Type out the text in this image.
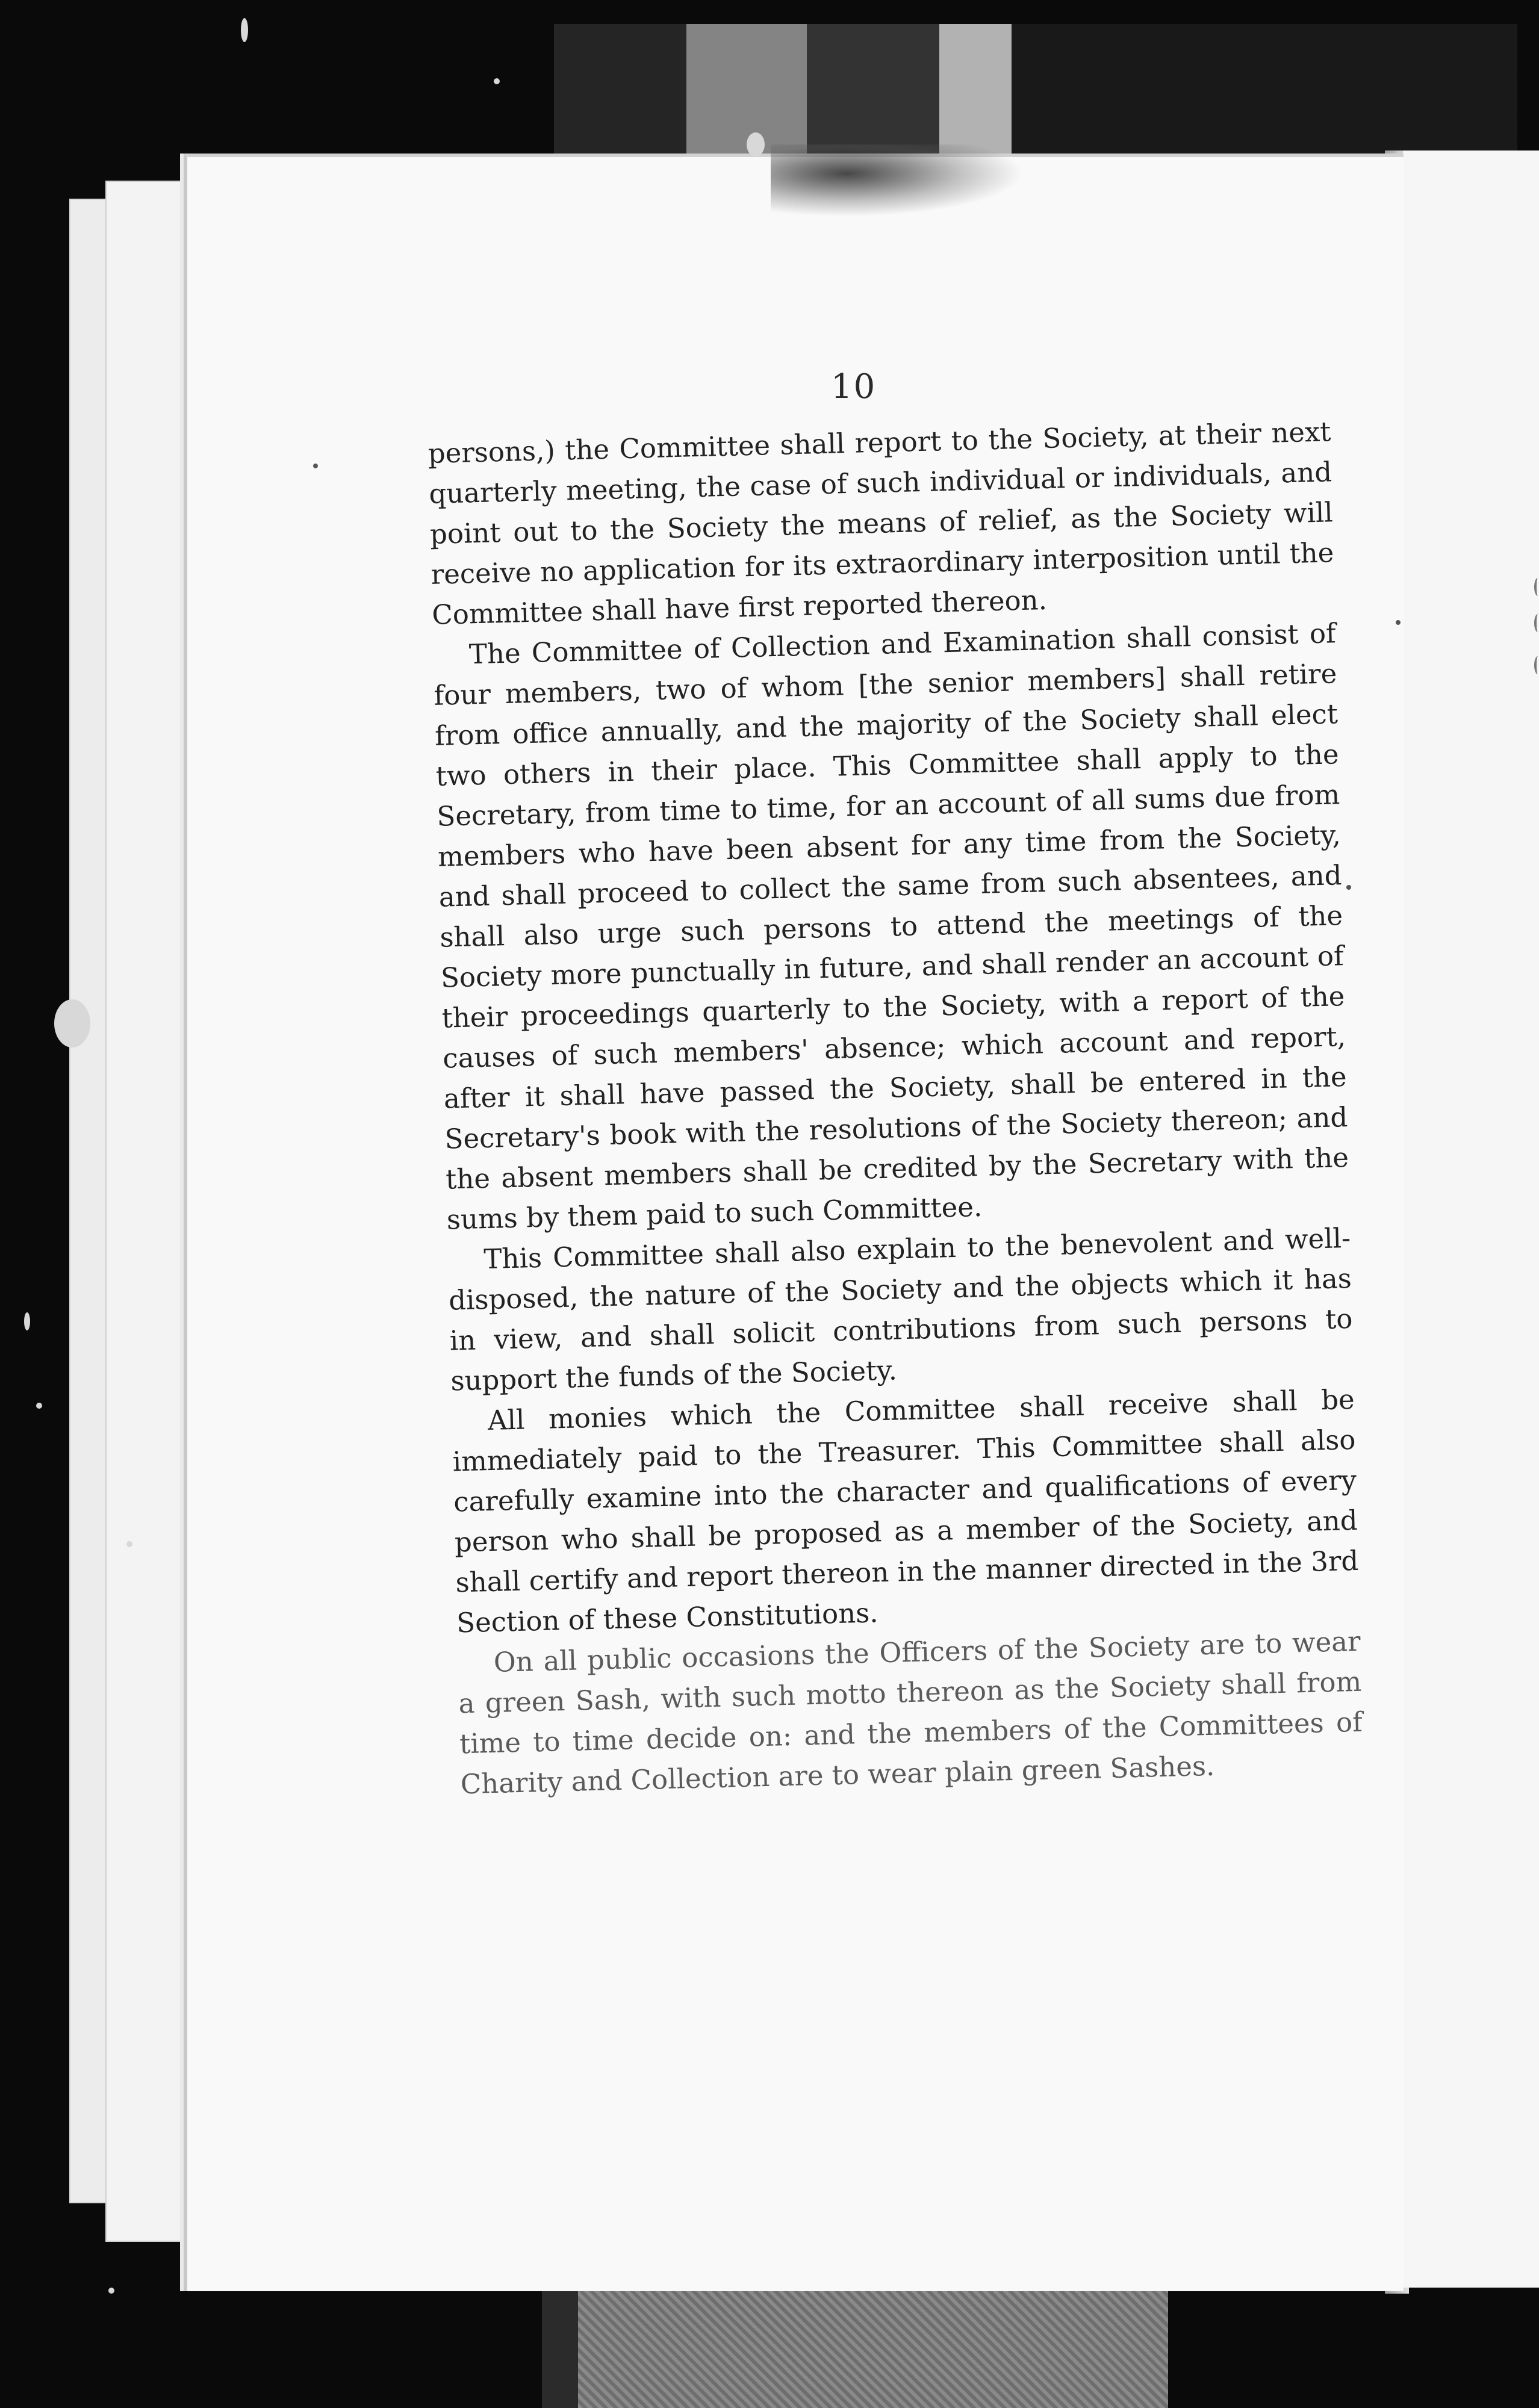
10

persons,) the Committee shall report to the Society, at their next quarterly meeting, the case of such individual or individuals, and point out to the Society the means of relief, as the Society will receive no application for its extraordinary interposition until the Committee shall have first reported thereon.

The Committee of Collection and Examination shall consist of four members, two of whom [the senior members] shall retire from office annually, and the majority of the Society shall elect two others in their place. This Committee shall apply to the Secretary, from time to time, for an account of all sums due from members who have been absent for any time from the Society, and shall proceed to collect the same from such absentees, and shall also urge such persons to attend the meetings of the Society more punctually in future, and shall render an account of their proceedings quarterly to the Society, with a report of the causes of such members' absence; which account and report, after it shall have passed the Society, shall be entered in the Secretary's book with the resolutions of the Society thereon; and the absent members shall be credited by the Secretary with the sums by them paid to such Committee.

This Committee shall also explain to the benevolent and well-disposed, the nature of the Society and the objects which it has in view, and shall solicit contributions from such persons to support the funds of the Society.

All monies which the Committee shall receive shall be immediately paid to the Treasurer. This Committee shall also carefully examine into the character and qualifications of every person who shall be proposed as a member of the Society, and shall certify and report thereon in the manner directed in the 3rd Section of these Constitutions.

On all public occasions the Officers of the Society are to wear a green Sash, with such motto thereon as the Society shall from time to time decide on: and the members of the Committees of Charity and Collection are to wear plain green Sashes.
